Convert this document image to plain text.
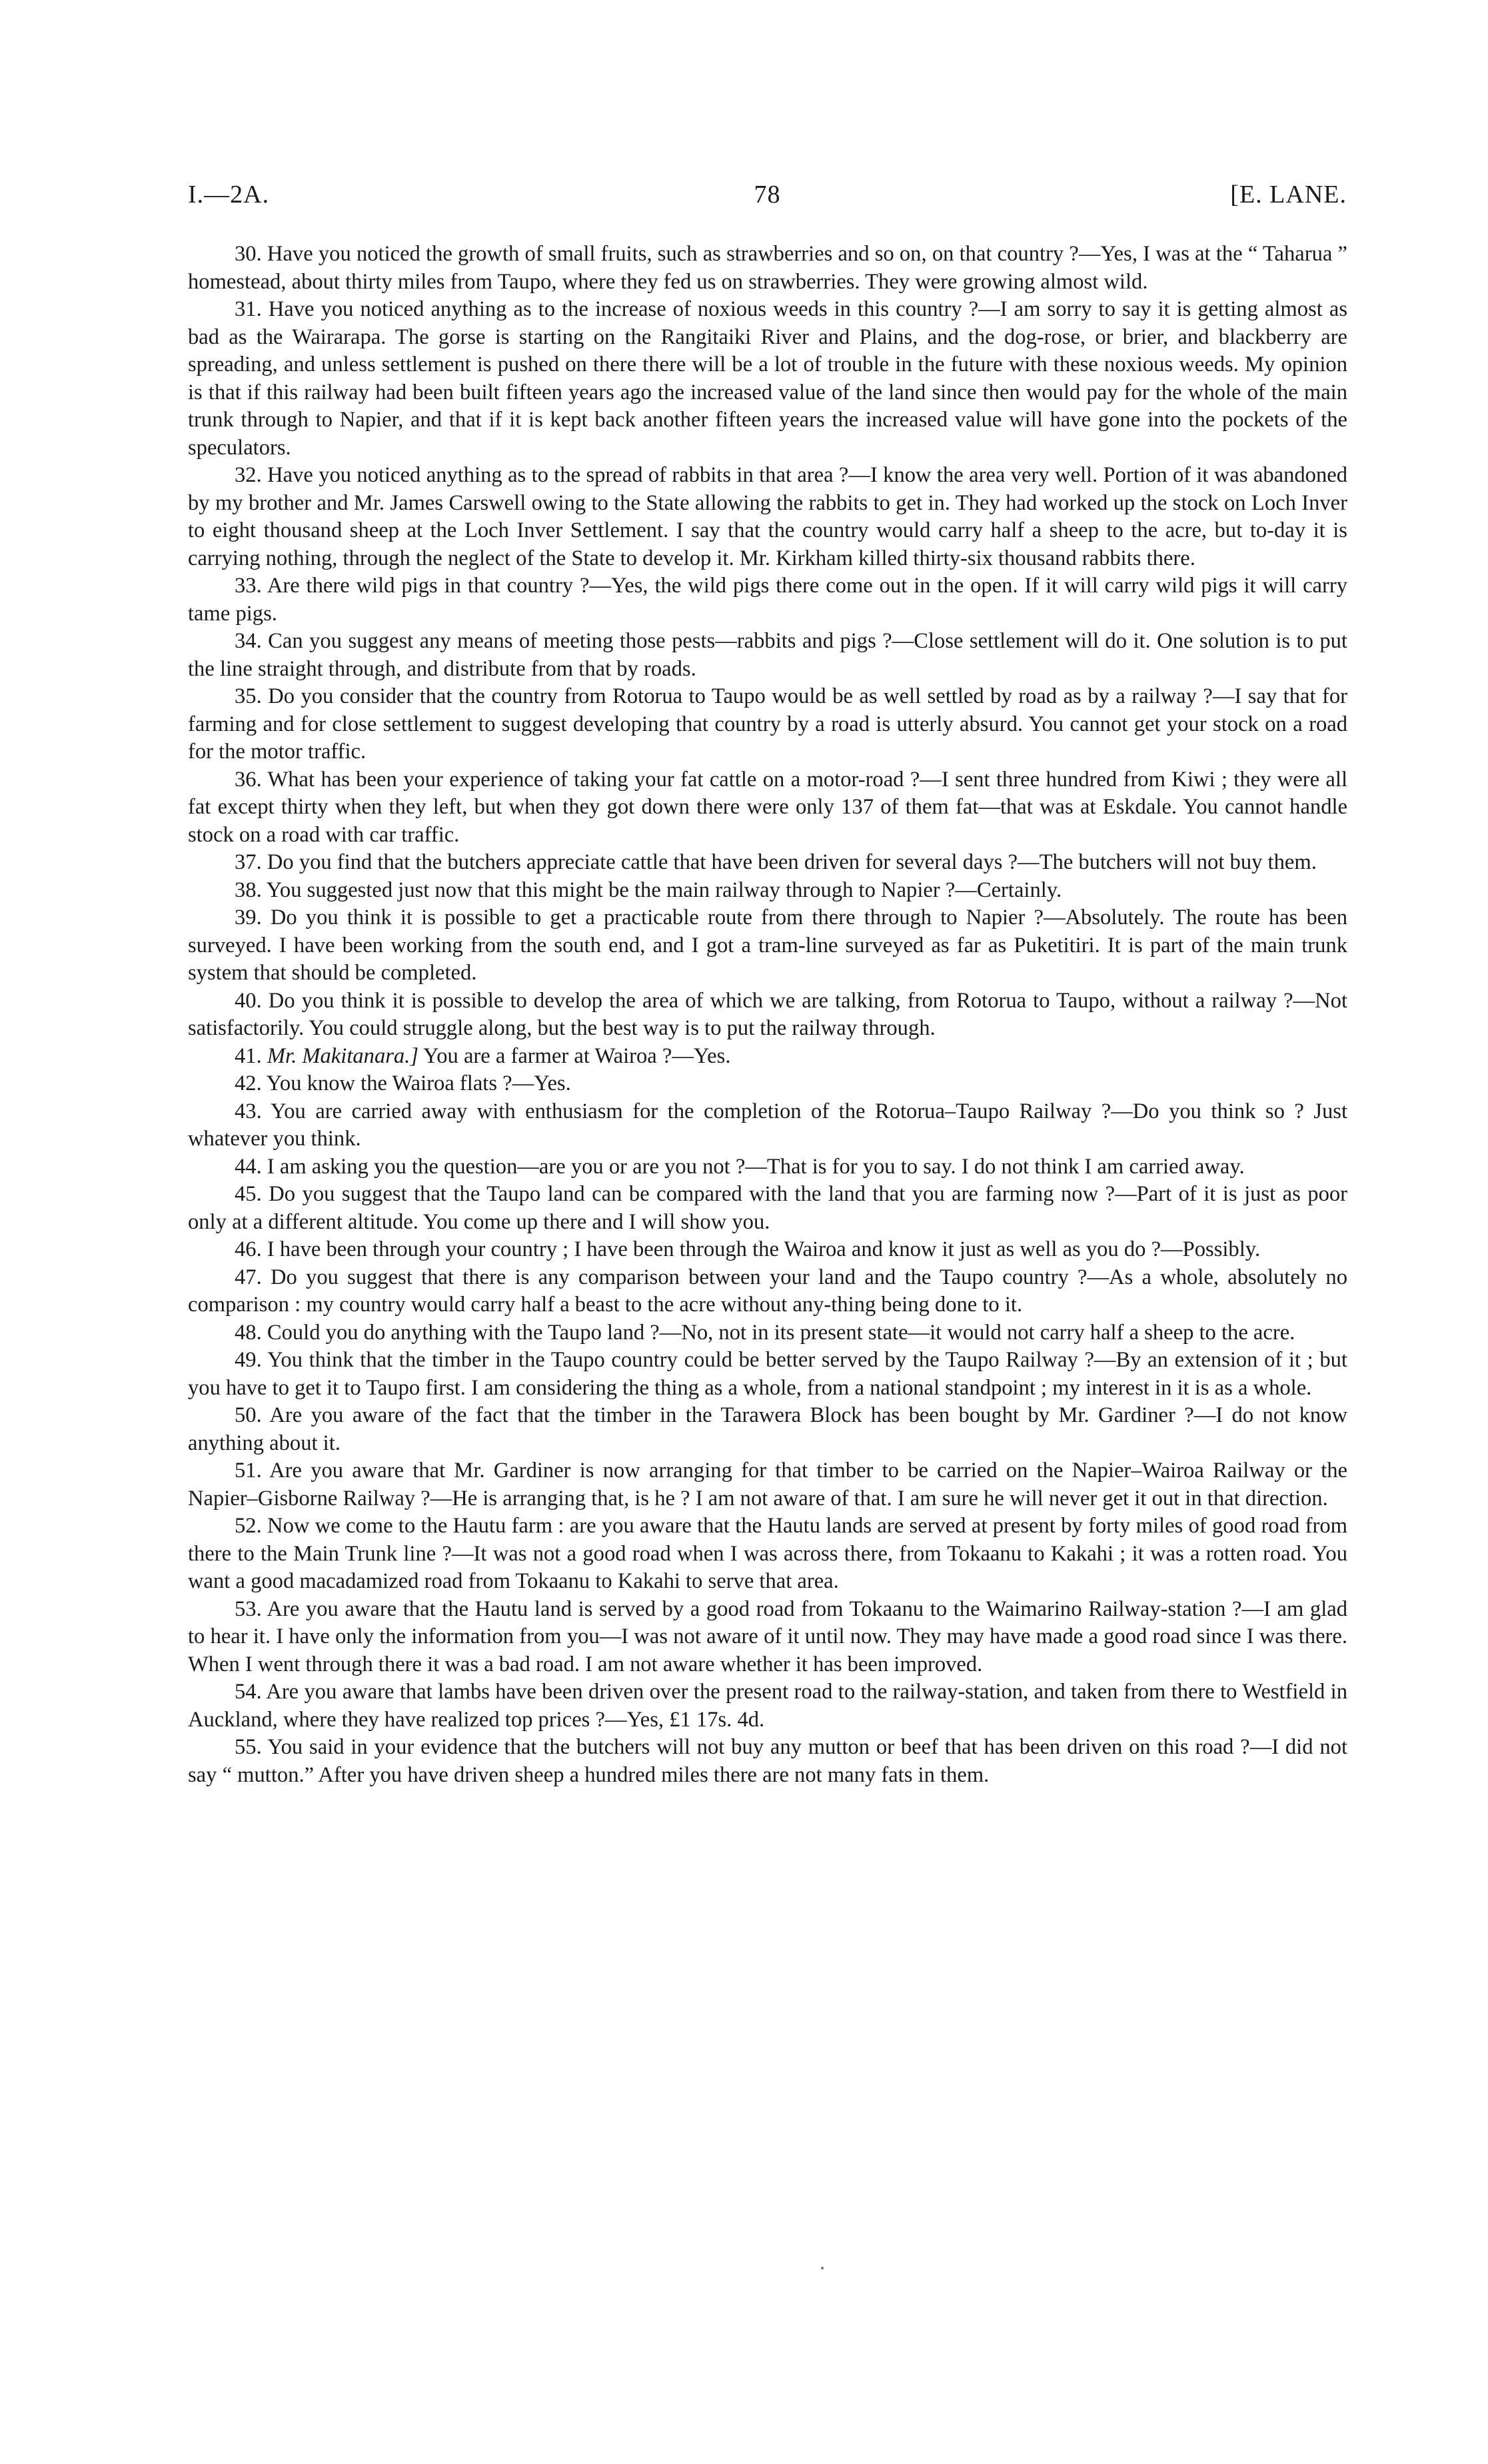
I.—2A.	78	[E. LANE.

30. Have you noticed the growth of small fruits, such as strawberries and so on, on that country ?—Yes, I was at the “ Taharua ” homestead, about thirty miles from Taupo, where they fed us on strawberries. They were growing almost wild.

31. Have you noticed anything as to the increase of noxious weeds in this country ?—I am sorry to say it is getting almost as bad as the Wairarapa. The gorse is starting on the Rangitaiki River and Plains, and the dog-rose, or brier, and blackberry are spreading, and unless settlement is pushed on there there will be a lot of trouble in the future with these noxious weeds. My opinion is that if this railway had been built fifteen years ago the increased value of the land since then would pay for the whole of the main trunk through to Napier, and that if it is kept back another fifteen years the increased value will have gone into the pockets of the speculators.

32. Have you noticed anything as to the spread of rabbits in that area ?—I know the area very well. Portion of it was abandoned by my brother and Mr. James Carswell owing to the State allowing the rabbits to get in. They had worked up the stock on Loch Inver to eight thousand sheep at the Loch Inver Settlement. I say that the country would carry half a sheep to the acre, but to-day it is carrying nothing, through the neglect of the State to develop it. Mr. Kirkham killed thirty-six thousand rabbits there.

33. Are there wild pigs in that country ?—Yes, the wild pigs there come out in the open. If it will carry wild pigs it will carry tame pigs.

34. Can you suggest any means of meeting those pests—rabbits and pigs ?—Close settlement will do it. One solution is to put the line straight through, and distribute from that by roads.

35. Do you consider that the country from Rotorua to Taupo would be as well settled by road as by a railway ?—I say that for farming and for close settlement to suggest developing that country by a road is utterly absurd. You cannot get your stock on a road for the motor traffic.

36. What has been your experience of taking your fat cattle on a motor-road ?—I sent three hundred from Kiwi ; they were all fat except thirty when they left, but when they got down there were only 137 of them fat—that was at Eskdale. You cannot handle stock on a road with car traffic.

37. Do you find that the butchers appreciate cattle that have been driven for several days ?—The butchers will not buy them.

38. You suggested just now that this might be the main railway through to Napier ?—Certainly.

39. Do you think it is possible to get a practicable route from there through to Napier ?—Absolutely. The route has been surveyed. I have been working from the south end, and I got a tram-line surveyed as far as Puketitiri. It is part of the main trunk system that should be completed.

40. Do you think it is possible to develop the area of which we are talking, from Rotorua to Taupo, without a railway ?—Not satisfactorily. You could struggle along, but the best way is to put the railway through.

41. Mr. Makitanara.] You are a farmer at Wairoa ?—Yes.

42. You know the Wairoa flats ?—Yes.

43. You are carried away with enthusiasm for the completion of the Rotorua–Taupo Railway ?—Do you think so ? Just whatever you think.

44. I am asking you the question—are you or are you not ?—That is for you to say. I do not think I am carried away.

45. Do you suggest that the Taupo land can be compared with the land that you are farming now ?—Part of it is just as poor only at a different altitude. You come up there and I will show you.

46. I have been through your country ; I have been through the Wairoa and know it just as well as you do ?—Possibly.

47. Do you suggest that there is any comparison between your land and the Taupo country ?—As a whole, absolutely no comparison : my country would carry half a beast to the acre without any-thing being done to it.

48. Could you do anything with the Taupo land ?—No, not in its present state—it would not carry half a sheep to the acre.

49. You think that the timber in the Taupo country could be better served by the Taupo Railway ?—By an extension of it ; but you have to get it to Taupo first. I am considering the thing as a whole, from a national standpoint ; my interest in it is as a whole.

50. Are you aware of the fact that the timber in the Tarawera Block has been bought by Mr. Gardiner ?—I do not know anything about it.

51. Are you aware that Mr. Gardiner is now arranging for that timber to be carried on the Napier–Wairoa Railway or the Napier–Gisborne Railway ?—He is arranging that, is he ? I am not aware of that. I am sure he will never get it out in that direction.

52. Now we come to the Hautu farm : are you aware that the Hautu lands are served at present by forty miles of good road from there to the Main Trunk line ?—It was not a good road when I was across there, from Tokaanu to Kakahi ; it was a rotten road. You want a good macadamized road from Tokaanu to Kakahi to serve that area.

53. Are you aware that the Hautu land is served by a good road from Tokaanu to the Waimarino Railway-station ?—I am glad to hear it. I have only the information from you—I was not aware of it until now. They may have made a good road since I was there. When I went through there it was a bad road. I am not aware whether it has been improved.

54. Are you aware that lambs have been driven over the present road to the railway-station, and taken from there to Westfield in Auckland, where they have realized top prices ?—Yes, £1 17s. 4d.

55. You said in your evidence that the butchers will not buy any mutton or beef that has been driven on this road ?—I did not say “ mutton.” After you have driven sheep a hundred miles there are not many fats in them.
